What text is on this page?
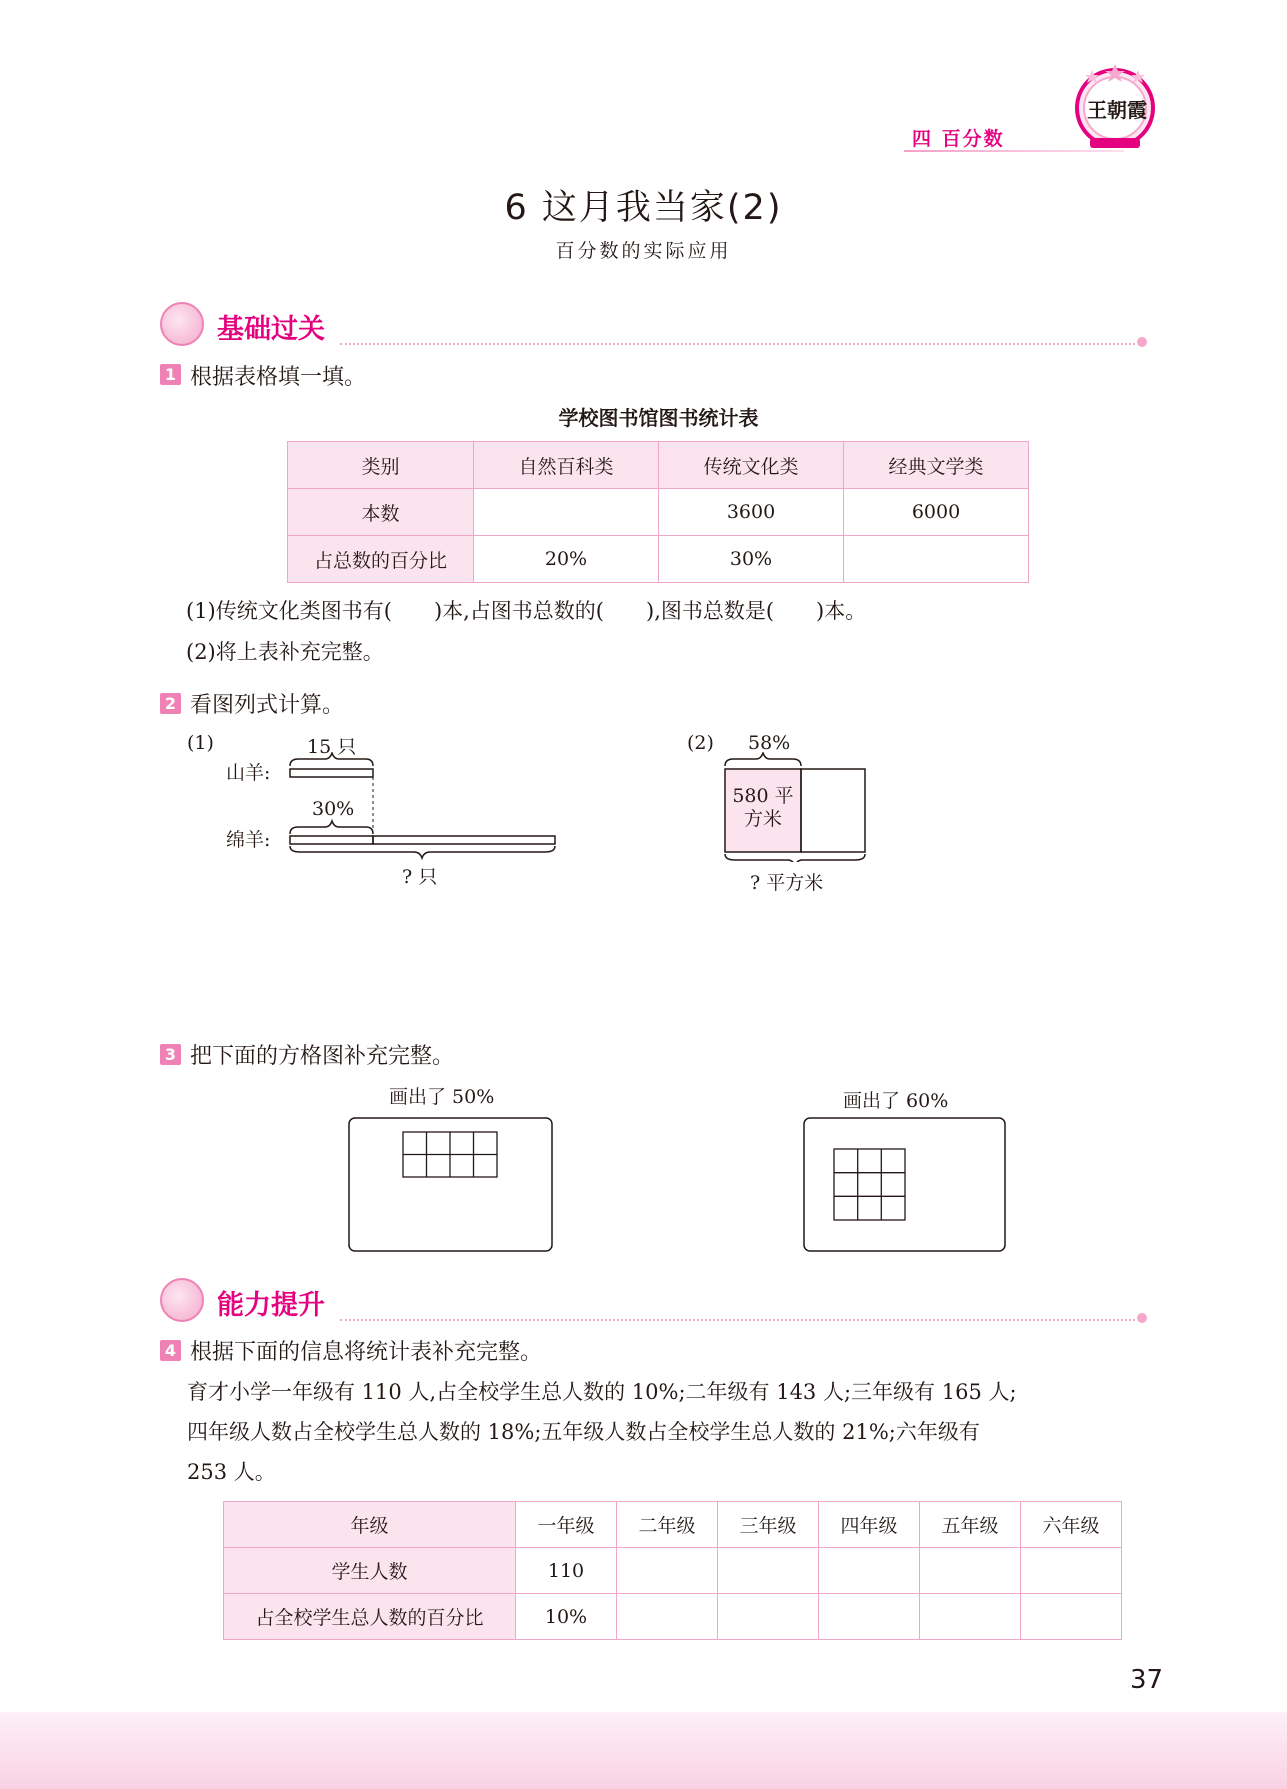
四 百分数
王朝霞
6 这月我当家(2)
百分数的实际应用
基础过关
1 根据表格填一填。
学校图书馆图书统计表
类别	自然百科类	传统文化类	经典文学类
本数		3600	6000
占总数的百分比	20%	30%	
(1)传统文化类图书有(　　)本,占图书总数的(　　),图书总数是(　　)本。
(2)将上表补充完整。
2 看图列式计算。
(1)	15 只
山羊:
30%
绵羊:
? 只
(2) 58%
580 平
方米
? 平方米
3 把下面的方格图补充完整。
画出了 50%	画出了 60%
能力提升
4 根据下面的信息将统计表补充完整。
育才小学一年级有 110 人,占全校学生总人数的 10%;二年级有 143 人;三年级有 165 人;
四年级人数占全校学生总人数的 18%;五年级人数占全校学生总人数的 21%;六年级有
253 人。
年级	一年级	二年级	三年级	四年级	五年级	六年级
学生人数	110					
占全校学生总人数的百分比	10%					
37
